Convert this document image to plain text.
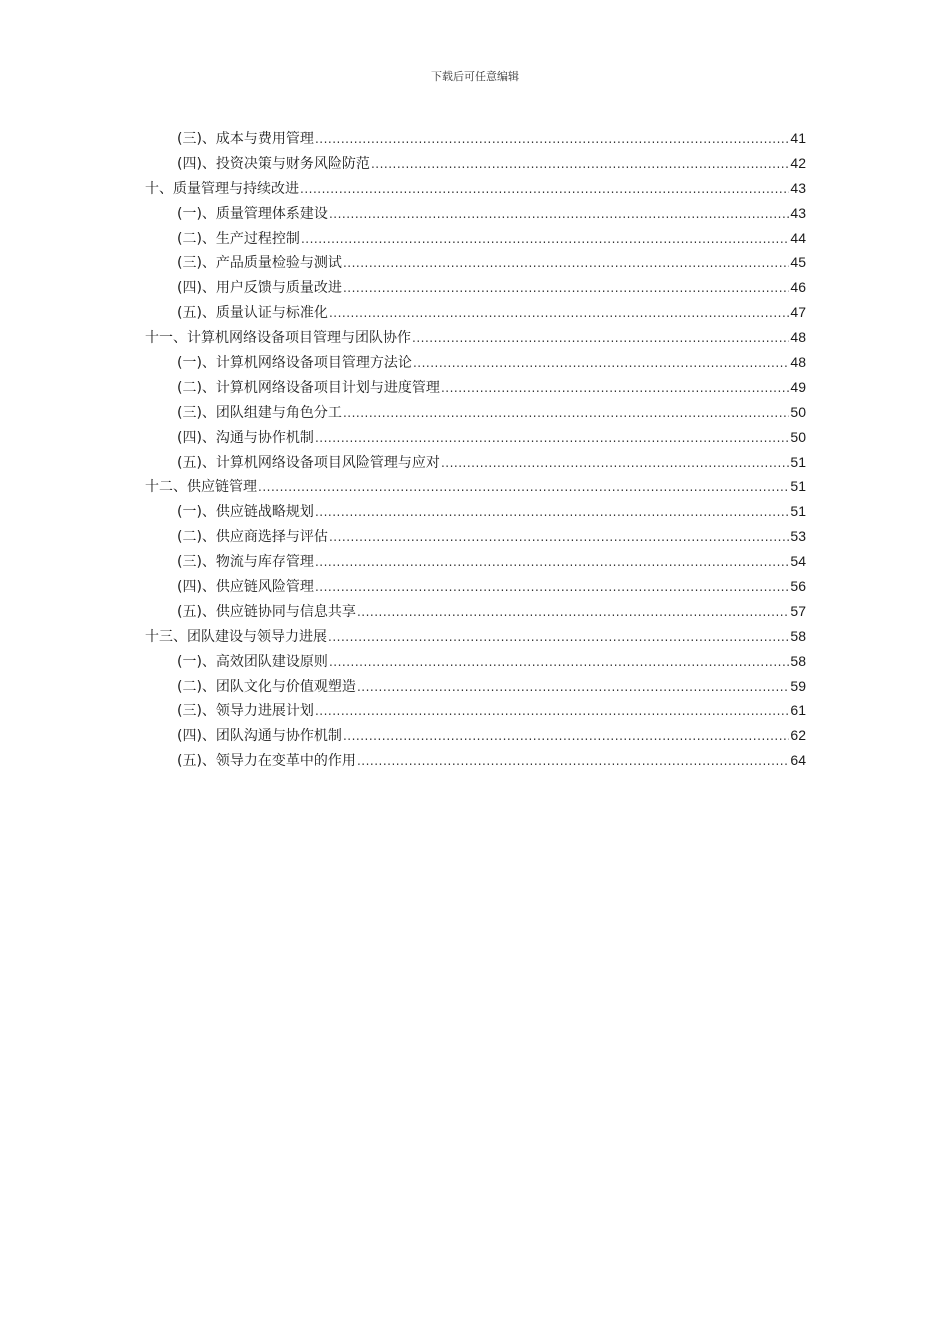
下载后可任意编辑
(三)、成本与费用管理 .....	41
(四)、投资决策与财务风险防范 .....	42
十、质量管理与持续改进 .....	43
(一)、质量管理体系建设 .....	43
(二)、生产过程控制 .....	44
(三)、产品质量检验与测试 .....	45
(四)、用户反馈与质量改进 .....	46
(五)、质量认证与标准化 .....	47
十一、计算机网络设备项目管理与团队协作 .....	48
(一)、计算机网络设备项目管理方法论 .....	48
(二)、计算机网络设备项目计划与进度管理 .....	49
(三)、团队组建与角色分工 .....	50
(四)、沟通与协作机制 .....	50
(五)、计算机网络设备项目风险管理与应对 .....	51
十二、供应链管理 .....	51
(一)、供应链战略规划 .....	51
(二)、供应商选择与评估 .....	53
(三)、物流与库存管理 .....	54
(四)、供应链风险管理 .....	56
(五)、供应链协同与信息共享 .....	57
十三、团队建设与领导力进展 .....	58
(一)、高效团队建设原则 .....	58
(二)、团队文化与价值观塑造 .....	59
(三)、领导力进展计划 .....	61
(四)、团队沟通与协作机制 .....	62
(五)、领导力在变革中的作用 .....	64
